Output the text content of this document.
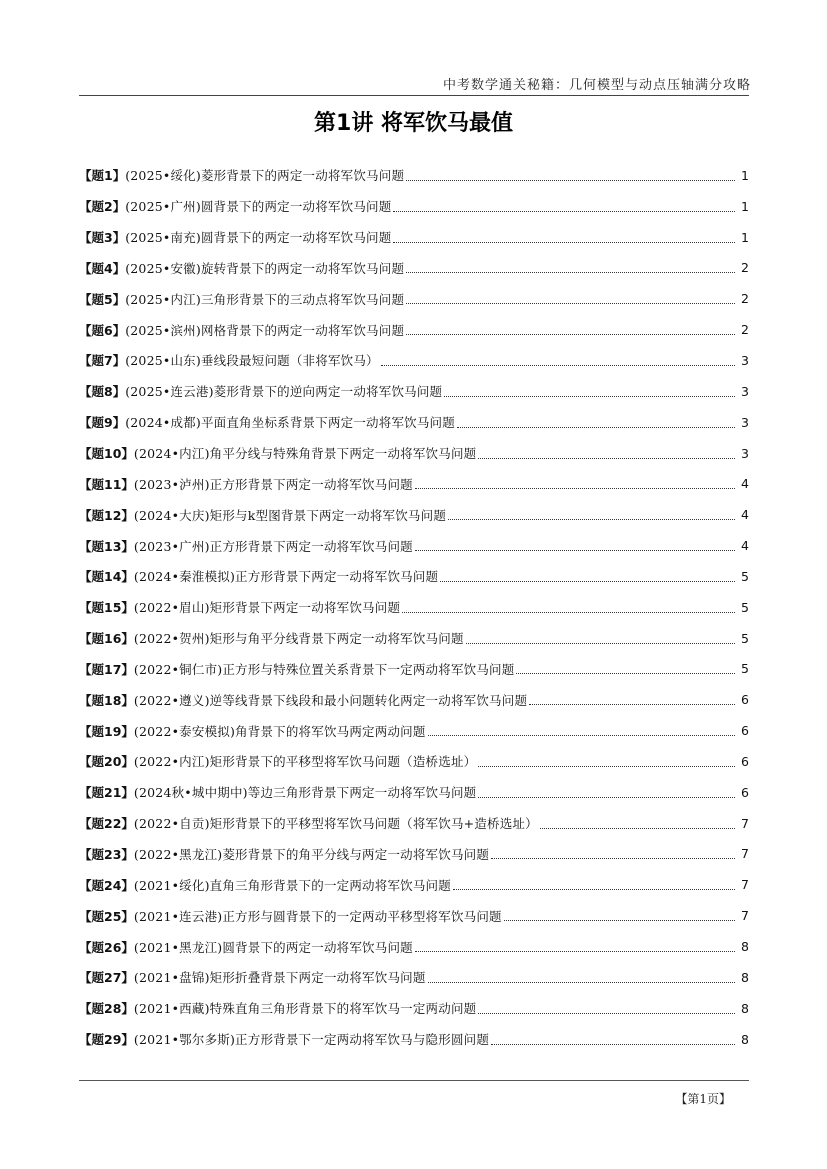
中考数学通关秘籍：几何模型与动点压轴满分攻略
第1讲 将军饮马最值
【题1】 (2025•绥化)菱形背景下的两定一动将军饮马问题	1
【题2】 (2025•广州)圆背景下的两定一动将军饮马问题	1
【题3】 (2025•南充)圆背景下的两定一动将军饮马问题	1
【题4】 (2025•安徽)旋转背景下的两定一动将军饮马问题	2
【题5】 (2025•内江)三角形背景下的三动点将军饮马问题	2
【题6】 (2025•滨州)网格背景下的两定一动将军饮马问题	2
【题7】 (2025•山东)垂线段最短问题（非将军饮马）	3
【题8】 (2025•连云港)菱形背景下的逆向两定一动将军饮马问题	3
【题9】 (2024•成都)平面直角坐标系背景下两定一动将军饮马问题	3
【题10】 (2024•内江)角平分线与特殊角背景下两定一动将军饮马问题	3
【题11】 (2023•泸州)正方形背景下两定一动将军饮马问题	4
【题12】 (2024•大庆)矩形与k型图背景下两定一动将军饮马问题	4
【题13】 (2023•广州)正方形背景下两定一动将军饮马问题	4
【题14】 (2024•秦淮模拟)正方形背景下两定一动将军饮马问题	5
【题15】 (2022•眉山)矩形背景下两定一动将军饮马问题	5
【题16】 (2022•贺州)矩形与角平分线背景下两定一动将军饮马问题	5
【题17】 (2022•铜仁市)正方形与特殊位置关系背景下一定两动将军饮马问题	5
【题18】 (2022•遵义)逆等线背景下线段和最小问题转化两定一动将军饮马问题	6
【题19】 (2022•泰安模拟)角背景下的将军饮马两定两动问题	6
【题20】 (2022•内江)矩形背景下的平移型将军饮马问题（造桥选址）	6
【题21】 (2024秋•城中期中)等边三角形背景下两定一动将军饮马问题	6
【题22】 (2022•自贡)矩形背景下的平移型将军饮马问题（将军饮马+造桥选址）	7
【题23】 (2022•黑龙江)菱形背景下的角平分线与两定一动将军饮马问题	7
【题24】 (2021•绥化)直角三角形背景下的一定两动将军饮马问题	7
【题25】 (2021•连云港)正方形与圆背景下的一定两动平移型将军饮马问题	7
【题26】 (2021•黑龙江)圆背景下的两定一动将军饮马问题	8
【题27】 (2021•盘锦)矩形折叠背景下两定一动将军饮马问题	8
【题28】 (2021•西藏)特殊直角三角形背景下的将军饮马一定两动问题	8
【题29】 (2021•鄂尔多斯)正方形背景下一定两动将军饮马与隐形圆问题	8
【第1页】
